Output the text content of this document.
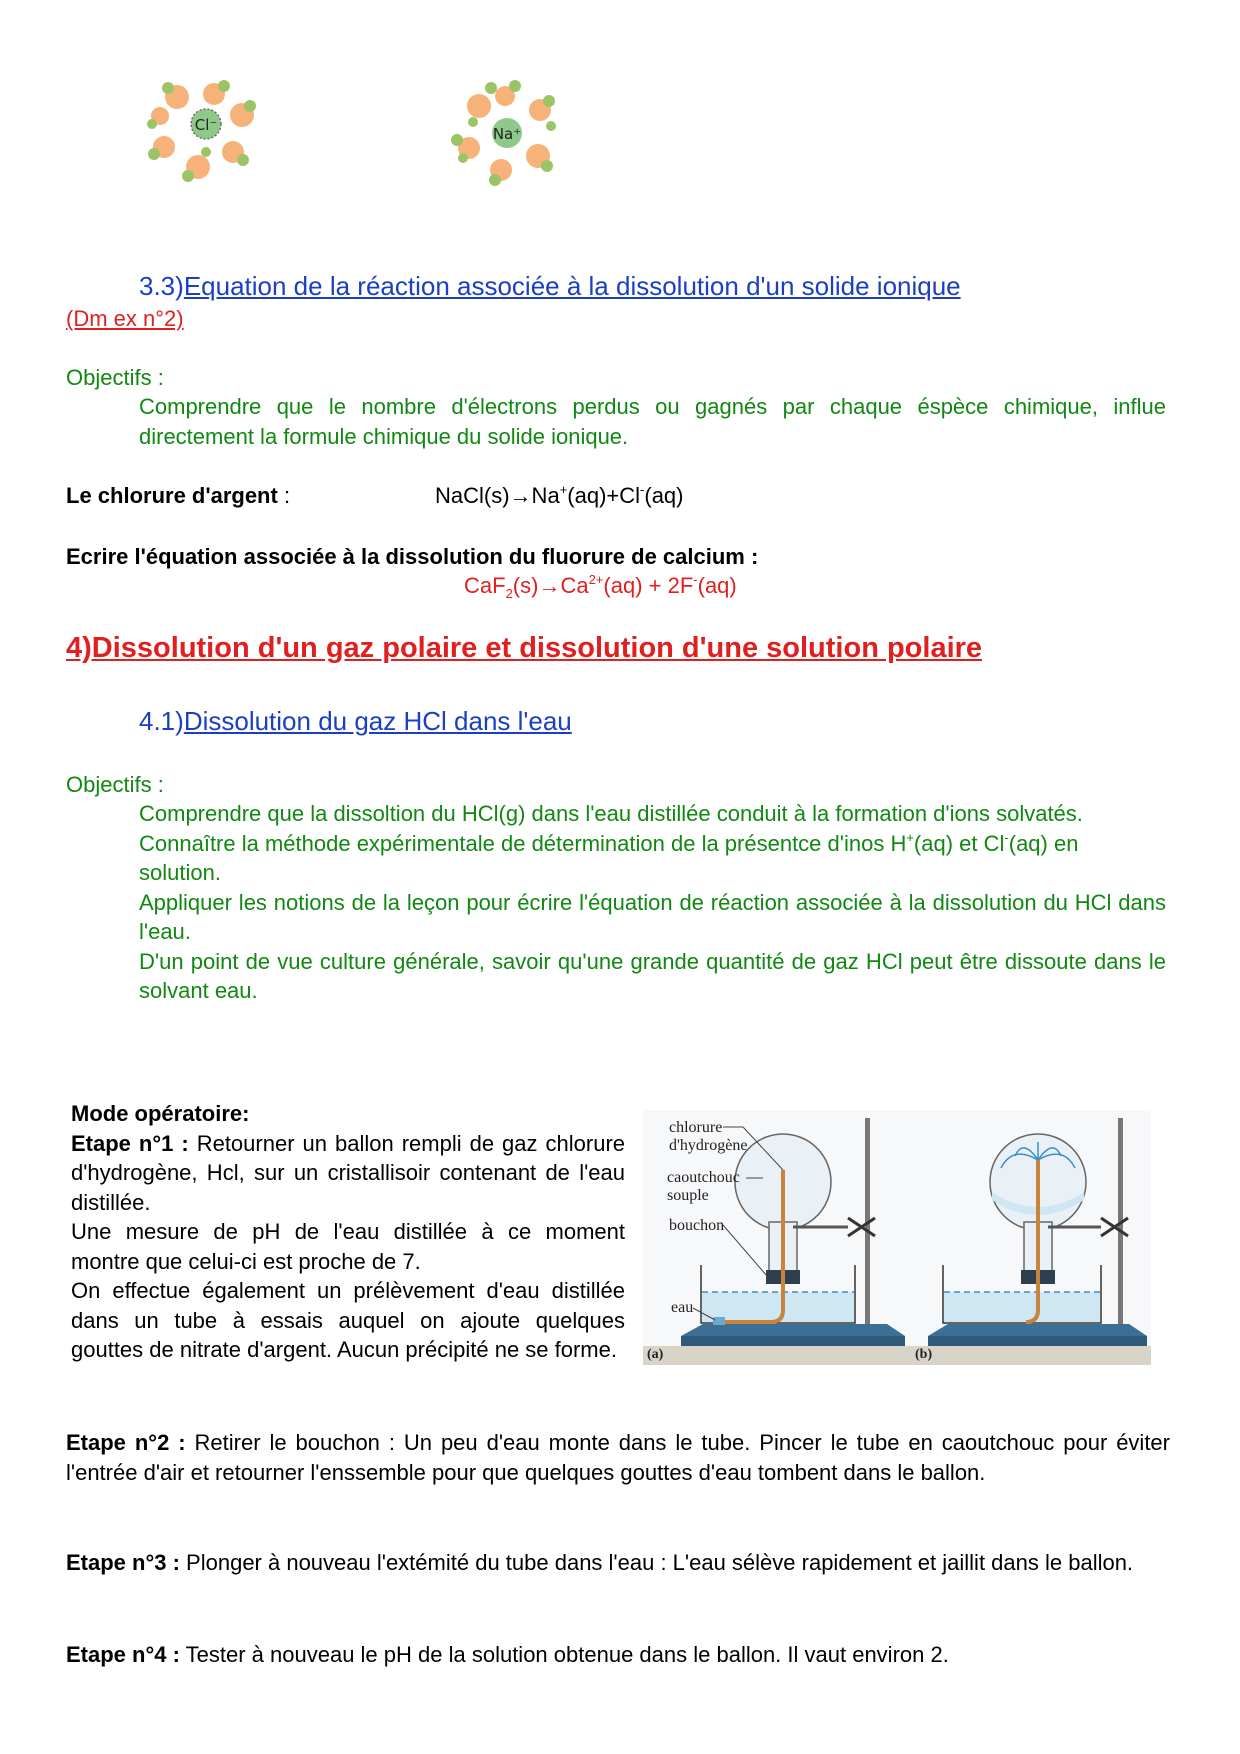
Cl⁻	Na⁺
3.3)Equation de la réaction associée à la dissolution d'un solide ionique
(Dm ex n°2)
Objectifs :
Comprendre que le nombre d'électrons perdus ou gagnés par chaque éspèce chimique, influe directement la formule chimique du solide ionique.
Le chlorure d'argent :	NaCl(s)→Na+(aq)+Cl-(aq)
Ecrire l'équation associée à la dissolution du fluorure de calcium :
$CaF_2(s)\to Ca^{2+}(aq) + 2F^-(aq)$
4)Dissolution d'un gaz polaire et dissolution d'une solution polaire
4.1)Dissolution du gaz HCl dans l'eau
Objectifs :
Comprendre que la dissoltion du HCl(g) dans l'eau distillée conduit à la formation d'ions solvatés.
Connaître la méthode expérimentale de détermination de la présentce d'inos H+(aq) et Cl-(aq) en solution.
Appliquer les notions de la leçon pour écrire l'équation de réaction associée à la dissolution du HCl dans l'eau.
D'un point de vue culture générale, savoir qu'une grande quantité de gaz HCl peut être dissoute dans le solvant eau.
Mode opératoire:
Etape n°1 : Retourner un ballon rempli de gaz chlorure d'hydrogène, Hcl, sur un cristallisoir contenant de l'eau distillée.
Une mesure de pH de l'eau distillée à ce moment montre que celui-ci est proche de 7.
On effectue également un prélèvement d'eau distillée dans un tube à essais auquel on ajoute quelques gouttes de nitrate d'argent. Aucun précipité ne se forme.
chlorure
d'hydrogène
caoutchouc
souple
bouchon
eau
(a)	(b)
Etape n°2 : Retirer le bouchon : Un peu d'eau monte dans le tube. Pincer le tube en caoutchouc pour éviter l'entrée d'air et retourner l'enssemble pour que quelques gouttes d'eau tombent dans le ballon.
Etape n°3 : Plonger à nouveau l'extémité du tube dans l'eau : L'eau sélève rapidement et jaillit dans le ballon.
Etape n°4 : Tester à nouveau le pH de la solution obtenue dans le ballon. Il vaut environ 2.
